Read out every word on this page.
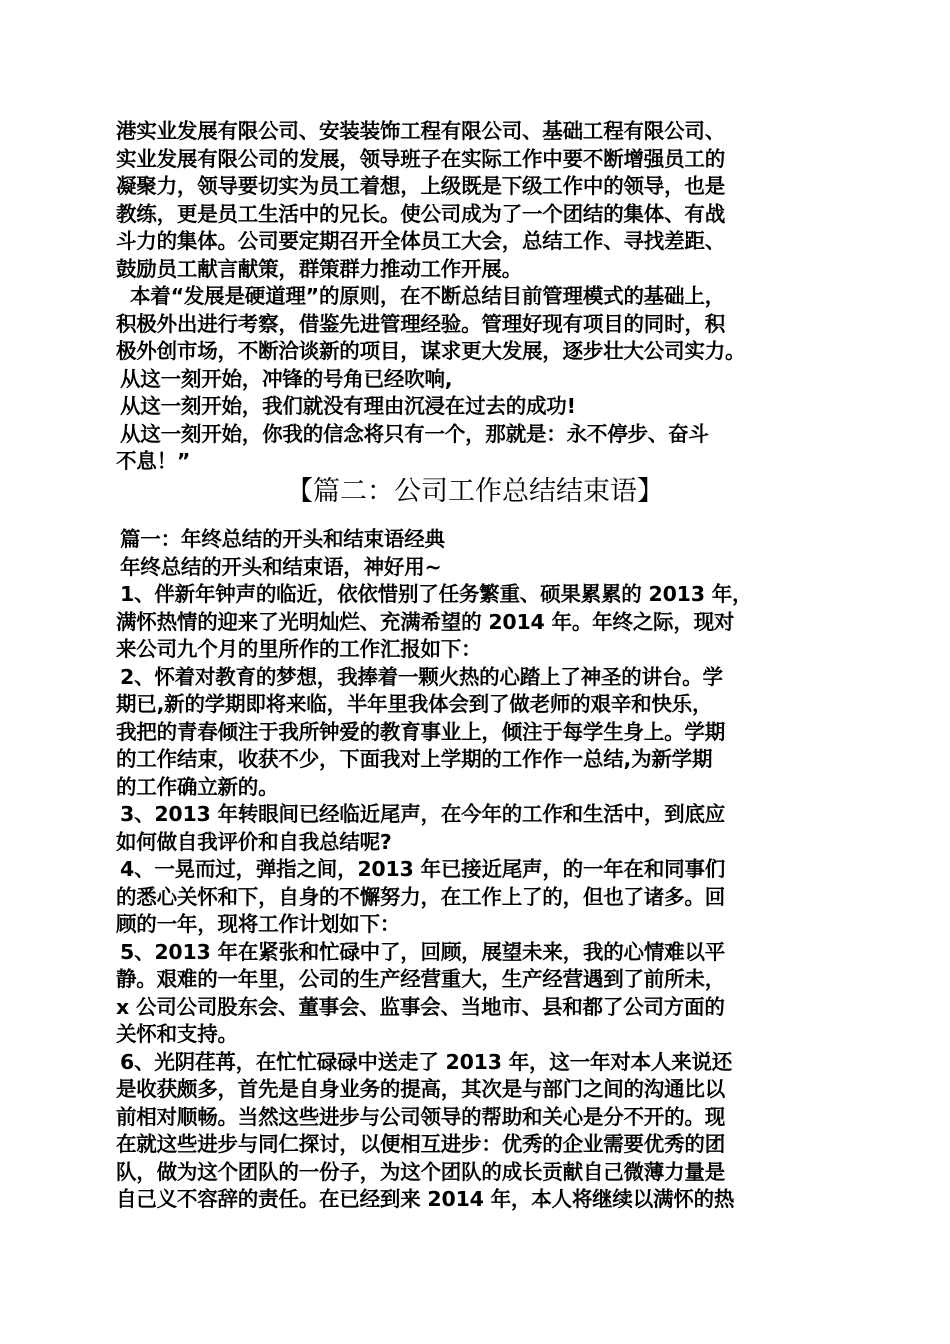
港实业发展有限公司、安装装饰工程有限公司、基础工程有限公司、
实业发展有限公司的发展，领导班子在实际工作中要不断增强员工的
凝聚力，领导要切实为员工着想，上级既是下级工作中的领导，也是
教练，更是员工生活中的兄长。使公司成为了一个团结的集体、有战
斗力的集体。公司要定期召开全体员工大会，总结工作、寻找差距、
鼓励员工献言献策，群策群力推动工作开展。
本着“发展是硬道理”的原则，在不断总结目前管理模式的基础上，
积极外出进行考察，借鉴先进管理经验。管理好现有项目的同时，积
极外创市场，不断洽谈新的项目，谋求更大发展，逐步壮大公司实力。
从这一刻开始，冲锋的号角已经吹响,
从这一刻开始，我们就没有理由沉浸在过去的成功!
从这一刻开始，你我的信念将只有一个，那就是：永不停步、奋斗
不息！”
【篇二：公司工作总结结束语】
篇一：年终总结的开头和结束语经典
年终总结的开头和结束语，神好用~
1、伴新年钟声的临近，依依惜别了任务繁重、硕果累累的 2013 年，
满怀热情的迎来了光明灿烂、充满希望的 2014 年。年终之际，现对
来公司九个月的里所作的工作汇报如下：
2、怀着对教育的梦想，我捧着一颗火热的心踏上了神圣的讲台。学
期已,新的学期即将来临，半年里我体会到了做老师的艰辛和快乐，
我把的青春倾注于我所钟爱的教育事业上，倾注于每学生身上。学期
的工作结束，收获不少，下面我对上学期的工作作一总结,为新学期
的工作确立新的。
3、2013 年转眼间已经临近尾声，在今年的工作和生活中，到底应
如何做自我评价和自我总结呢?
4、一晃而过，弹指之间，2013 年已接近尾声，的一年在和同事们
的悉心关怀和下，自身的不懈努力，在工作上了的，但也了诸多。回
顾的一年，现将工作计划如下：
5、2013 年在紧张和忙碌中了，回顾，展望未来，我的心情难以平
静。艰难的一年里，公司的生产经营重大，生产经营遇到了前所未，
x 公司公司股东会、董事会、监事会、当地市、县和都了公司方面的
关怀和支持。
6、光阴荏苒，在忙忙碌碌中送走了 2013 年，这一年对本人来说还
是收获颇多，首先是自身业务的提高，其次是与部门之间的沟通比以
前相对顺畅。当然这些进步与公司领导的帮助和关心是分不开的。现
在就这些进步与同仁探讨，以便相互进步：优秀的企业需要优秀的团
队，做为这个团队的一份子，为这个团队的成长贡献自己微薄力量是
自己义不容辞的责任。在已经到来 2014 年，本人将继续以满怀的热
